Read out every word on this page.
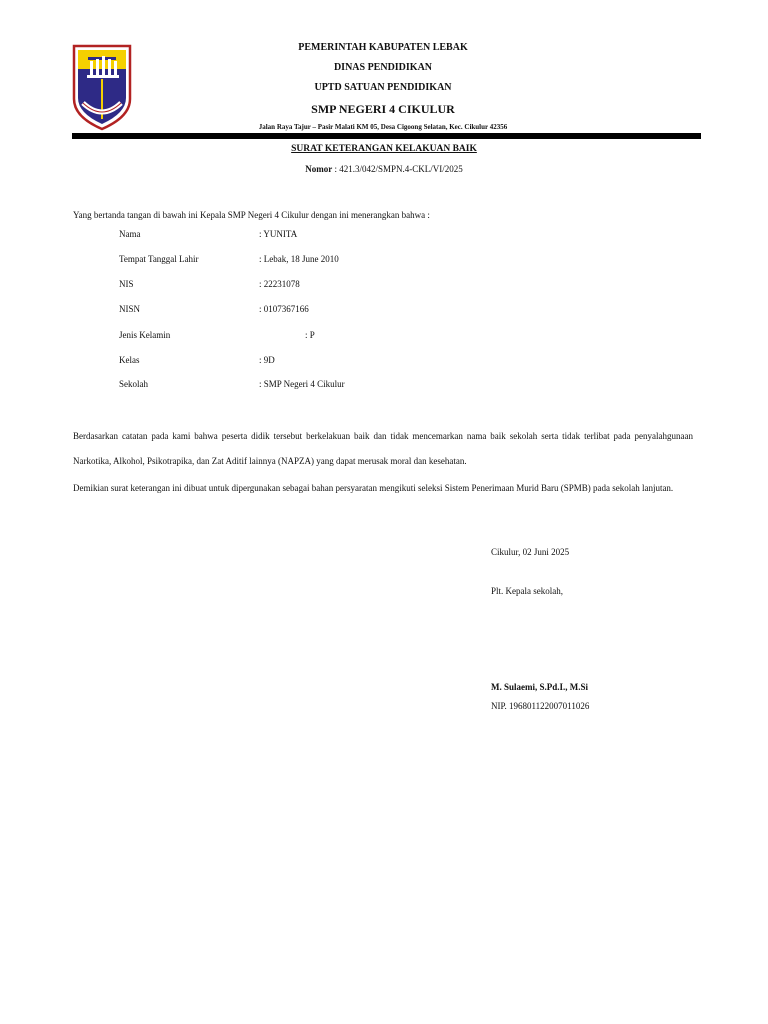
PEMERINTAH KABUPATEN LEBAK
DINAS PENDIDIKAN
UPTD SATUAN PENDIDIKAN
SMP NEGERI 4 CIKULUR
Jalan Raya Tajur – Pasir Malati KM 05, Desa Cigoong Selatan, Kec. Cikulur 42356
SURAT KETERANGAN KELAKUAN BAIK
Nomor : 421.3/042/SMPN.4-CKL/VI/2025
Yang bertanda tangan di bawah ini Kepala SMP Negeri 4 Cikulur dengan ini menerangkan bahwa :
Nama	: YUNITA
Tempat Tanggal Lahir	: Lebak, 18 June 2010
NIS	: 22231078
NISN	: 0107367166
Jenis Kelamin	: P
Kelas	: 9D
Sekolah	: SMP Negeri 4 Cikulur
Berdasarkan catatan pada kami bahwa peserta didik tersebut berkelakuan baik dan tidak mencemarkan nama baik sekolah serta tidak terlibat pada penyalahgunaan
Narkotika, Alkohol, Psikotrapika, dan Zat Aditif lainnya (NAPZA) yang dapat merusak moral dan kesehatan.
Demikian surat keterangan ini dibuat untuk dipergunakan sebagai bahan persyaratan mengikuti seleksi Sistem Penerimaan Murid Baru (SPMB) pada sekolah lanjutan.
Cikulur, 02 Juni 2025
Plt. Kepala sekolah,
M. Sulaemi, S.Pd.I., M.Si
NIP. 196801122007011026
